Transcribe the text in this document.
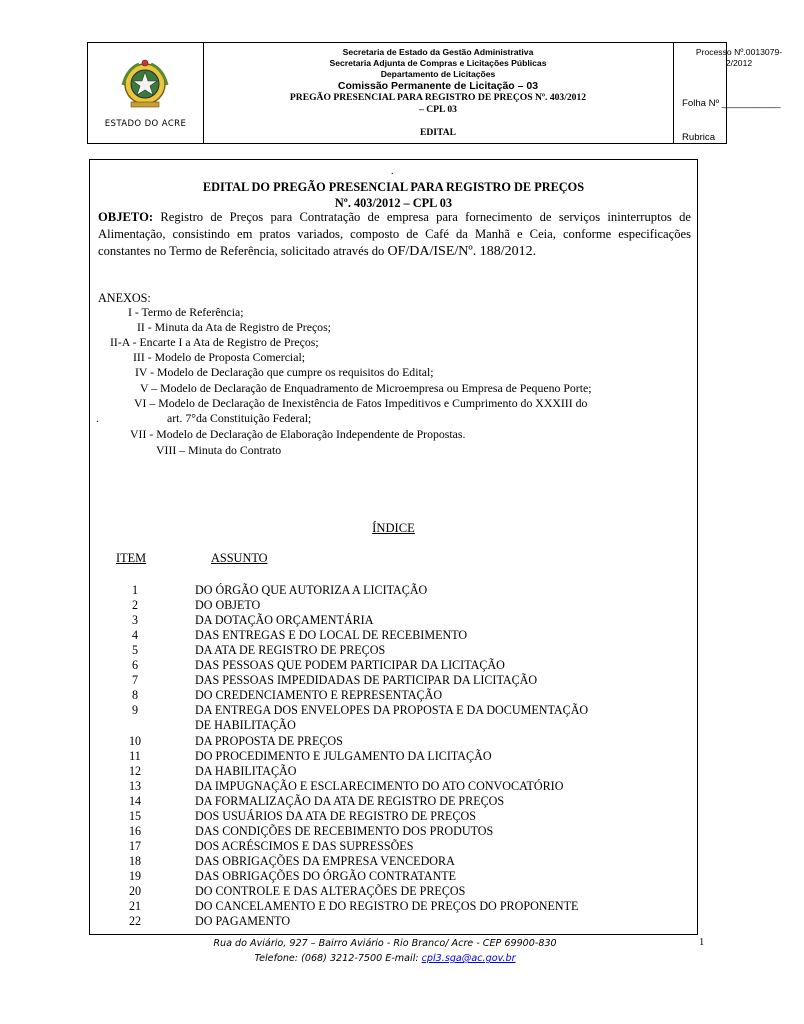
ESTADO DO ACRE
Secretaria de Estado da Gestão Administrativa
Secretaria Adjunta de Compras e Licitações Públicas
Departamento de Licitações
Comissão Permanente de Licitação – 03
PREGÃO PRESENCIAL PARA REGISTRO DE PREÇOS Nº. 403/2012
– CPL 03
EDITAL
Processo Nº.0013079-
2/2012
Folha Nº ___________
Rubrica
.
EDITAL DO PREGÃO PRESENCIAL PARA REGISTRO DE PREÇOS
Nº. 403/2012 – CPL 03
OBJETO: Registro de Preços para Contratação de empresa para fornecimento de serviços ininterruptos de Alimentação, consistindo em pratos variados, composto de Café da Manhã e Ceia, conforme especificações constantes no Termo de Referência, solicitado através do OF/DA/ISE/Nº. 188/2012.
ANEXOS:
I - Termo de Referência;
II - Minuta da Ata de Registro de Preços;
II-A - Encarte I a Ata de Registro de Preços;
III - Modelo de Proposta Comercial;
IV - Modelo de Declaração que cumpre os requisitos do Edital;
V – Modelo de Declaração de Enquadramento de Microempresa ou Empresa de Pequeno Porte;
VI – Modelo de Declaração de Inexistência de Fatos Impeditivos e Cumprimento do XXXIII do
.	art. 7°da Constituição Federal;
VII - Modelo de Declaração de Elaboração Independente de Propostas.
VIII – Minuta do Contrato
ÍNDICE
ITEM	ASSUNTO
1	DO ÓRGÃO QUE AUTORIZA A LICITAÇÃO
2	DO OBJETO
3	DA DOTAÇÃO ORÇAMENTÁRIA
4	DAS ENTREGAS E DO LOCAL DE RECEBIMENTO
5	DA ATA DE REGISTRO DE PREÇOS
6	DAS PESSOAS QUE PODEM PARTICIPAR DA LICITAÇÃO
7	DAS PESSOAS IMPEDIDADAS DE PARTICIPAR DA LICITAÇÃO
8	DO CREDENCIAMENTO E REPRESENTAÇÃO
9	DA ENTREGA DOS ENVELOPES DA PROPOSTA E DA DOCUMENTAÇÃO
DE HABILITAÇÃO
10	DA PROPOSTA DE PREÇOS
11	DO PROCEDIMENTO E JULGAMENTO DA LICITAÇÃO
12	DA HABILITAÇÃO
13	DA IMPUGNAÇÃO E ESCLARECIMENTO DO ATO CONVOCATÓRIO
14	DA FORMALIZAÇÃO DA ATA DE REGISTRO DE PREÇOS
15	DOS USUÁRIOS DA ATA DE REGISTRO DE PREÇOS
16	DAS CONDIÇÕES DE RECEBIMENTO DOS PRODUTOS
17	DOS ACRÉSCIMOS E DAS SUPRESSÕES
18	DAS OBRIGAÇÕES DA EMPRESA VENCEDORA
19	DAS OBRIGAÇÕES DO ÓRGÃO CONTRATANTE
20	DO CONTROLE E DAS ALTERAÇÕES DE PREÇOS
21	DO CANCELAMENTO E DO REGISTRO DE PREÇOS DO PROPONENTE
22	DO PAGAMENTO
Rua do Aviário, 927 – Bairro Aviário - Rio Branco/ Acre - CEP 69900-830
Telefone: (068) 3212-7500 E-mail: cpl3.sga@ac.gov.br
1
